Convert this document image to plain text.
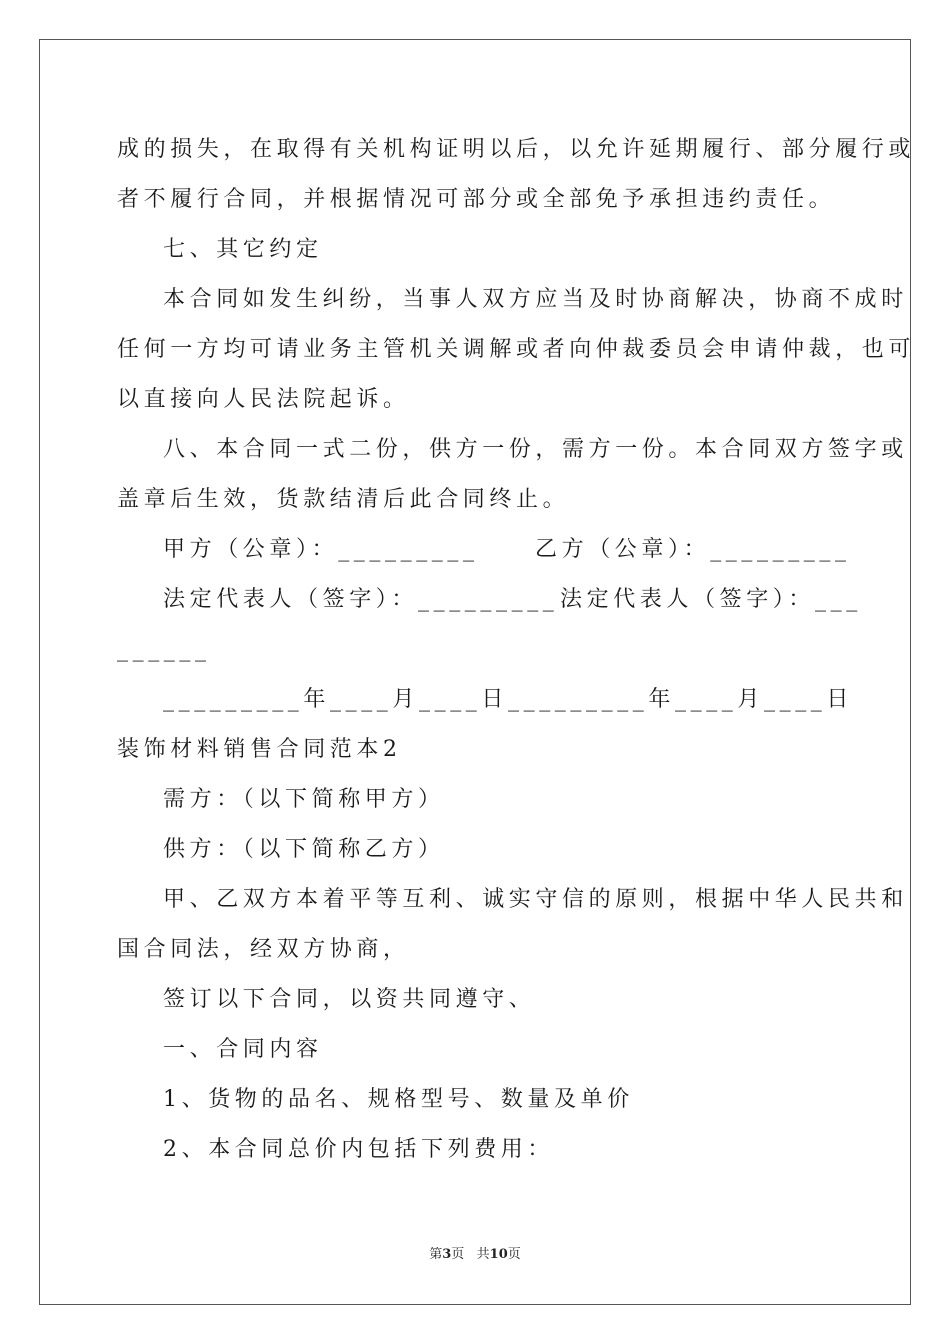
成的损失，在取得有关机构证明以后，以允许延期履行、部分履行或
者不履行合同，并根据情况可部分或全部免予承担违约责任。
七、其它约定
本合同如发生纠纷，当事人双方应当及时协商解决，协商不成时
任何一方均可请业务主管机关调解或者向仲裁委员会申请仲裁，也可
以直接向人民法院起诉。
八、本合同一式二份，供方一份，需方一份。本合同双方签字或
盖章后生效，货款结清后此合同终止。
甲方（公章）：_________	乙方（公章）：_________
法定代表人（签字）：_________ 法定代表人（签字）：___
______
_________年____月____日_________年____月____日
装饰材料销售合同范本2
需方：（以下简称甲方）
供方：（以下简称乙方）
甲、乙双方本着平等互利、诚实守信的原则，根据中华人民共和
国合同法，经双方协商，
签订以下合同，以资共同遵守、
一、合同内容
1、货物的品名、规格型号、数量及单价
2、本合同总价内包括下列费用：
第3页   共10页
